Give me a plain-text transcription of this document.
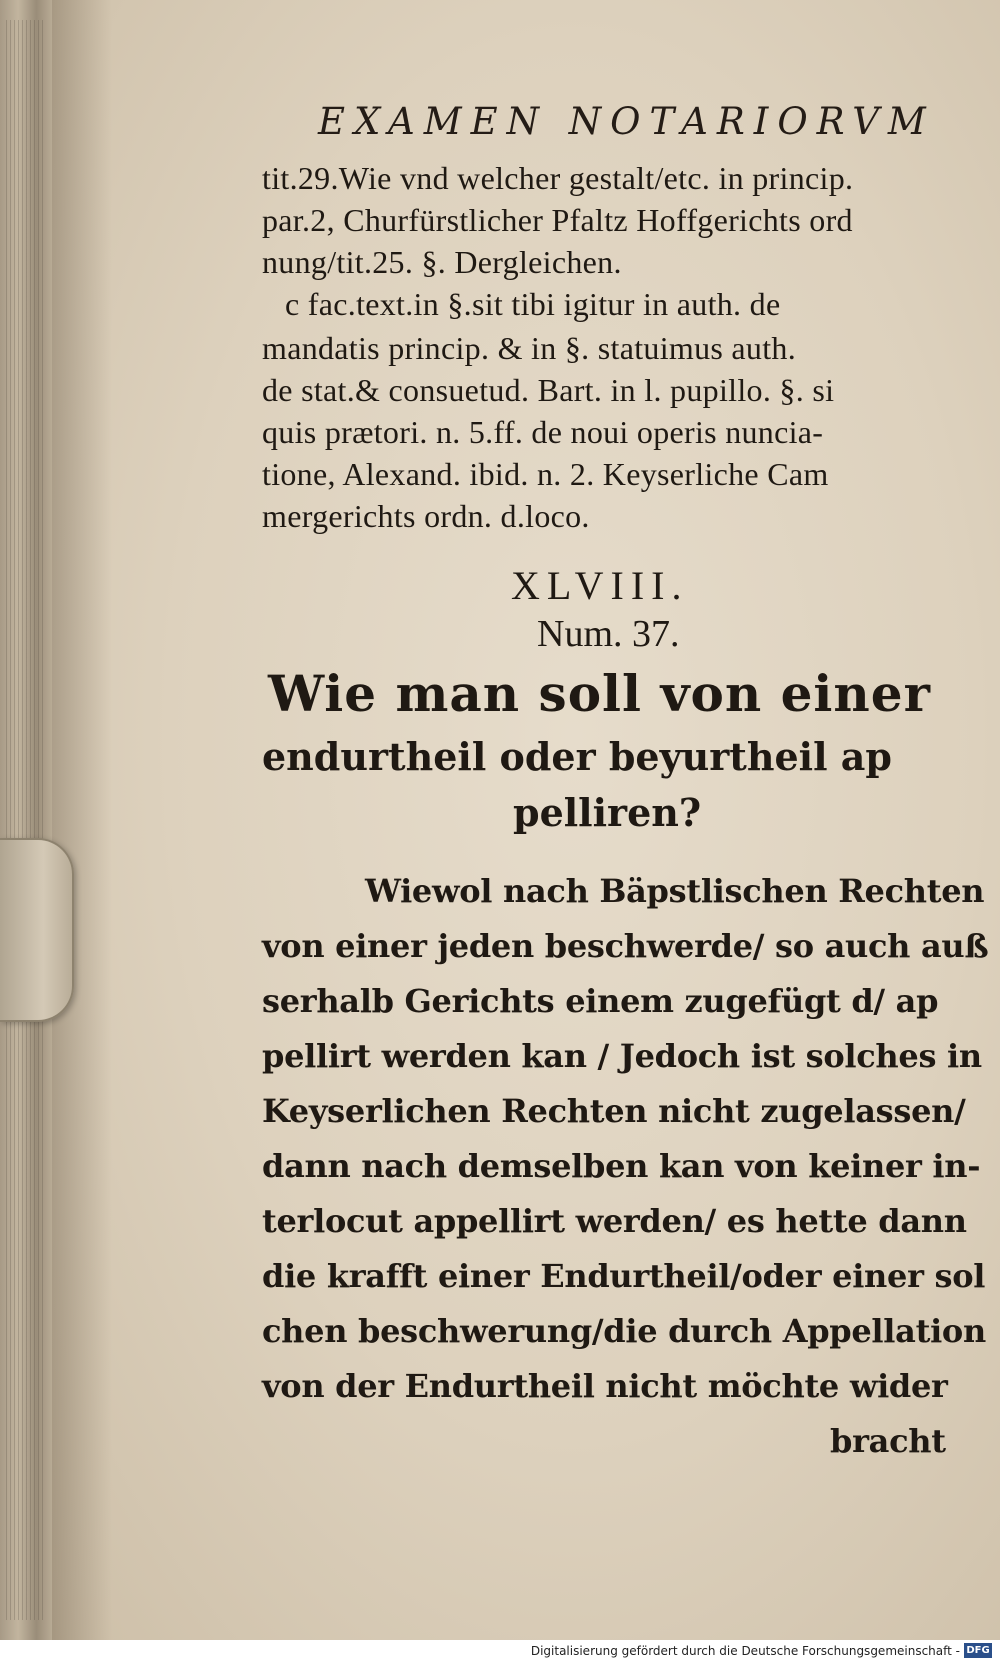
EXAMEN NOTARIORVM
tit.29.Wie vnd welcher gestalt/etc. in princip.
par.2, Churfürstlicher Pfaltz Hoffgerichts ord
nung/tit.25. §. Dergleichen.
c fac.text.in §.sit tibi igitur in auth. de
mandatis princip. & in §. statuimus auth.
de stat.& consuetud. Bart. in l. pupillo. §. si
quis prætori. n. 5.ff. de noui operis nuncia-
tione, Alexand. ibid. n. 2. Keyserliche Cam
mergerichts ordn. d.loco.
XLVIII.
Num. 37.
Wie man soll von einer
endurtheil oder beyurtheil ap
pelliren?
Wiewol nach Bäpstlischen Rechten
von einer jeden beschwerde/ so auch auß
serhalb Gerichts einem zugefügt d/ ap
pellirt werden kan / Jedoch ist solches in
Keyserlichen Rechten nicht zugelassen/
dann nach demselben kan von keiner in-
terlocut appellirt werden/ es hette dann
die krafft einer Endurtheil/oder einer sol
chen beschwerung/die durch Appellation
von der Endurtheil nicht möchte wider
bracht
Digitalisierung gefördert durch die Deutsche Forschungsgemeinschaft - DFG
